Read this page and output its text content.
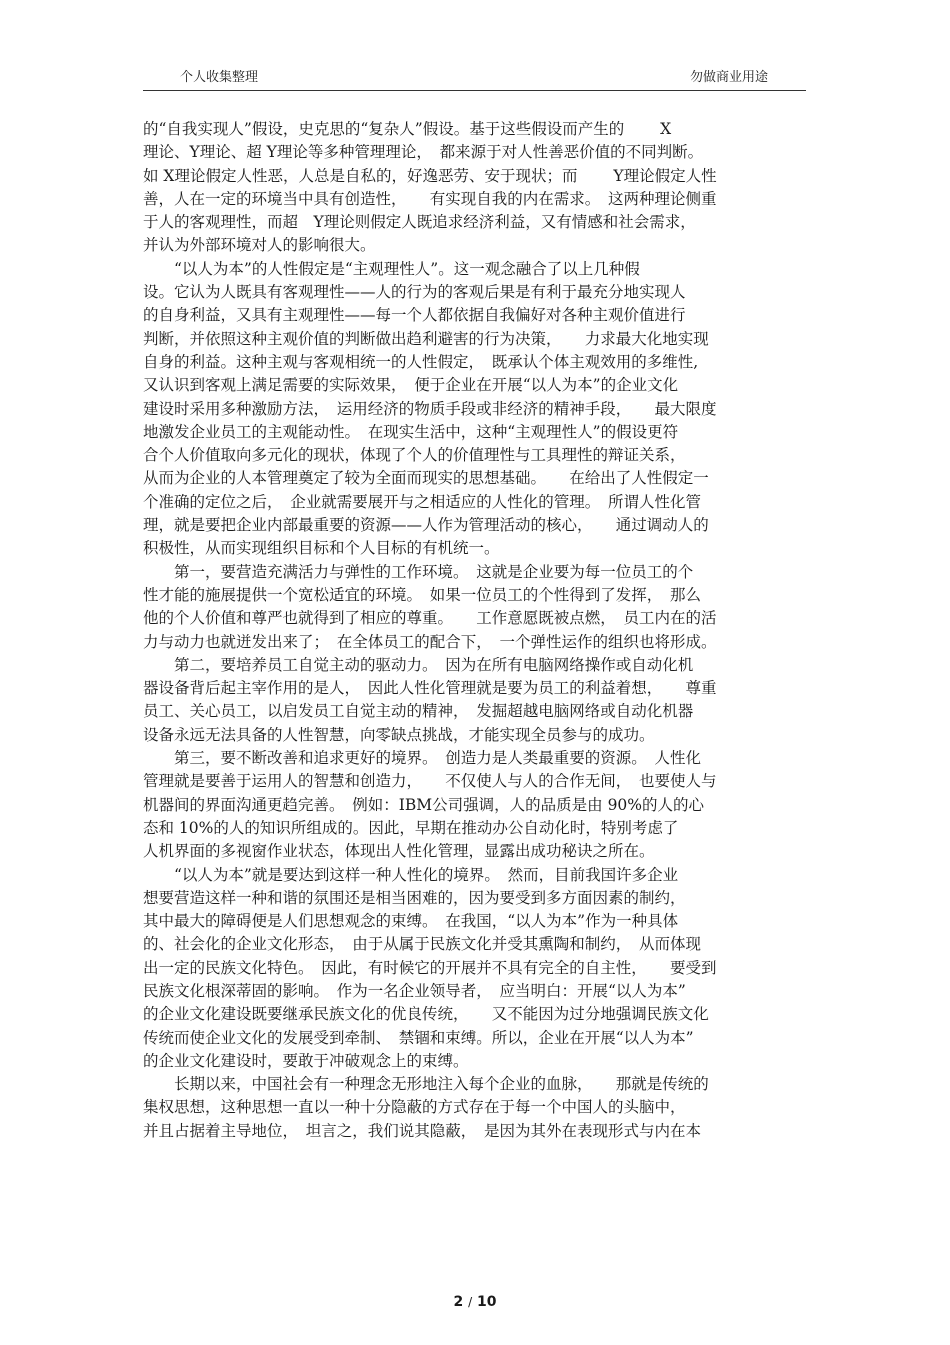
个人收集整理	勿做商业用途
的“自我实现人”假设，史克思的“复杂人”假设。基于这些假设而产生的　　 X
理论、Y理论、超 Y理论等多种管理理论，　都来源于对人性善恶价值的不同判断。
如 X理论假定人性恶，人总是自私的，好逸恶劳、安于现状；而　　 Y理论假定人性
善，人在一定的环境当中具有创造性，　　有实现自我的内在需求。　这两种理论侧重
于人的客观理性，而超　Y理论则假定人既追求经济利益，又有情感和社会需求，
并认为外部环境对人的影响很大。
　　“以人为本”的人性假定是“主观理性人”。这一观念融合了以上几种假
设。它认为人既具有客观理性——人的行为的客观后果是有利于最充分地实现人
的自身利益，又具有主观理性——每一个人都依据自我偏好对各种主观价值进行
判断，并依照这种主观价值的判断做出趋利避害的行为决策，　　力求最大化地实现
自身的利益。这种主观与客观相统一的人性假定，　既承认个体主观效用的多维性,
又认识到客观上满足需要的实际效果，　便于企业在开展“以人为本”的企业文化
建设时采用多种激励方法，　运用经济的物质手段或非经济的精神手段，　　最大限度
地激发企业员工的主观能动性。　在现实生活中，这种“主观理性人”的假设更符
合个人价值取向多元化的现状，体现了个人的价值理性与工具理性的辩证关系，
从而为企业的人本管理奠定了较为全面而现实的思想基础。　　在给出了人性假定一
个准确的定位之后，　企业就需要展开与之相适应的人性化的管理。　所谓人性化管
理，就是要把企业内部最重要的资源——人作为管理活动的核心，　　通过调动人的
积极性，从而实现组织目标和个人目标的有机统一。
　　第一，要营造充满活力与弹性的工作环境。　这就是企业要为每一位员工的个
性才能的施展提供一个宽松适宜的环境。　如果一位员工的个性得到了发挥，　那么
他的个人价值和尊严也就得到了相应的尊重。　　工作意愿既被点燃，　员工内在的活
力与动力也就迸发出来了；　在全体员工的配合下，　一个弹性运作的组织也将形成。
　　第二，要培养员工自觉主动的驱动力。　因为在所有电脑网络操作或自动化机
器设备背后起主宰作用的是人，　因此人性化管理就是要为员工的利益着想，　　尊重
员工、关心员工，以启发员工自觉主动的精神，　发掘超越电脑网络或自动化机器
设备永远无法具备的人性智慧，向零缺点挑战，才能实现全员参与的成功。
　　第三，要不断改善和追求更好的境界。　创造力是人类最重要的资源。　人性化
管理就是要善于运用人的智慧和创造力，　　不仅使人与人的合作无间，　也要使人与
机器间的界面沟通更趋完善。　例如：IBM公司强调，人的品质是由 90%的人的心
态和 10%的人的知识所组成的。因此，早期在推动办公自动化时，特别考虑了
人机界面的多视窗作业状态，体现出人性化管理，显露出成功秘诀之所在。
　　“以人为本”就是要达到这样一种人性化的境界。　然而，目前我国许多企业
想要营造这样一种和谐的氛围还是相当困难的，因为要受到多方面因素的制约，
其中最大的障碍便是人们思想观念的束缚。　在我国，“以人为本”作为一种具体
的、社会化的企业文化形态，　由于从属于民族文化并受其熏陶和制约，　从而体现
出一定的民族文化特色。　因此，有时候它的开展并不具有完全的自主性，　　要受到
民族文化根深蒂固的影响。　作为一名企业领导者，　应当明白：开展“以人为本”
的企业文化建设既要继承民族文化的优良传统，　　又不能因为过分地强调民族文化
传统而使企业文化的发展受到牵制、　禁锢和束缚。所以，企业在开展“以人为本”
的企业文化建设时，要敢于冲破观念上的束缚。
　　长期以来，中国社会有一种理念无形地注入每个企业的血脉，　　那就是传统的
集权思想，这种思想一直以一种十分隐蔽的方式存在于每一个中国人的头脑中，
并且占据着主导地位，　坦言之，我们说其隐蔽，　是因为其外在表现形式与内在本
2 / 10
